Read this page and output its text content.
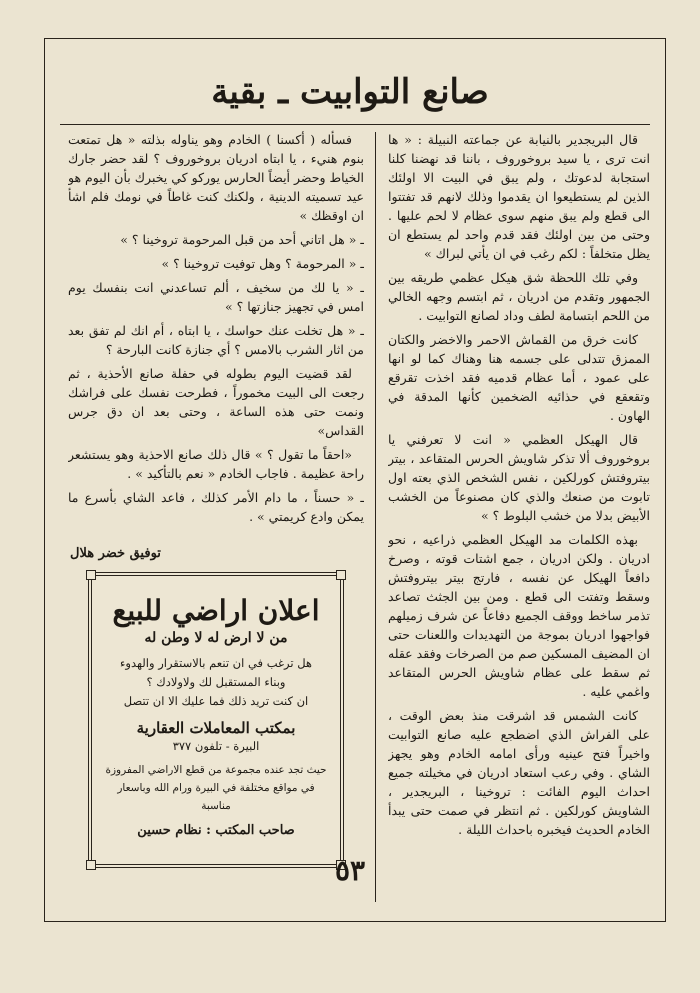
صانع التوابيت ـ بقية

قال البريجدير بالنيابة عن جماعته النبيلة : « ها انت ترى ، يا سيد بروخوروف ، باننا قد نهضنا كلنا استجابة لدعوتك ، ولم يبق في البيت الا اولئك الذين لم يستطيعوا ان يقدموا وذلك لانهم قد تفتتوا الى قطع ولم يبق منهم سوى عظام لا لحم عليها . وحتى من بين اولئك فقد قدم واحد لم يستطع ان يظل متخلفاً : لكم رغب في ان يأتي لبراك »

وفي تلك اللحظة شق هيكل عظمي طريقه بين الجمهور وتقدم من ادريان ، ثم ابتسم وجهه الخالي من اللحم ابتسامة لطف وداد لصانع التوابيت .

كانت خرق من القماش الاحمر والاخضر والكتان الممزق تتدلى على جسمه هنا وهناك كما لو انها على عمود ، أما عظام قدميه فقد اخذت تقرقع وتقعقع في حذائيه الضخمين كأنها المدقة في الهاون .

قال الهيكل العظمي « انت لا تعرفني يا بروخوروف ألا تذكر شاويش الحرس المتقاعد ، بيتر بيتروفتش كورلكين ، نفس الشخص الذي بعته اول تابوت من صنعك والذي كان مصنوعاً من الخشب الأبيض بدلا من خشب البلوط ؟ »

بهذه الكلمات مد الهيكل العظمي ذراعيه ، نحو ادريان . ولكن ادريان ، جمع اشتات قوته ، وصرخ دافعاً الهيكل عن نفسه ، فارتج بيتر بيتروفتش وسقط وتفتت الى قطع . ومن بين الجثث تصاعد تذمر ساخط ووقف الجميع دفاعاً عن شرف زميلهم فواجهوا ادريان بموجة من التهديدات واللعنات حتى ان المضيف المسكين صم من الصرخات وفقد عقله ثم سقط على عظام شاويش الحرس المتقاعد واغمي عليه .

كانت الشمس قد اشرقت منذ بعض الوقت ، على الفراش الذي اضطجع عليه صانع التوابيت واخيراً فتح عينيه ورأى امامه الخادم وهو يجهز الشاي . وفي رعب استعاد ادريان في مخيلته جميع احداث اليوم الفائت : تروخينا ، البريجدير ، الشاويش كورلكين . ثم انتظر في صمت حتى يبدأ الخادم الحديث فيخبره باحداث الليلة .

فسأله ( أكسنا ) الخادم وهو يناوله بذلته « هل تمتعت بنوم هنيء ، يا ابتاه ادريان بروخوروف ؟ لقد حضر جارك الخياط وحضر أيضاً الحارس يوركو كي يخبرك بأن اليوم هو عيد تسميته الدينية ، ولكنك كنت غاطاً في نومك فلم اشأ ان اوقظك »

ـ « هل اتاني أحد من قبل المرحومة تروخينا ؟ »

ـ « المرحومة ؟ وهل توفيت تروخينا ؟ »

ـ « يا لك من سخيف ، ألم تساعدني انت بنفسك يوم امس في تجهيز جنازتها ؟ »

ـ « هل تخلت عنك حواسك ، يا ابتاه ، أم انك لم تفق بعد من اثار الشرب بالامس ؟ أي جنازة كانت البارحة ؟

لقد قضيت اليوم بطوله في حفلة صانع الأحذية ، ثم رجعت الى البيت مخموراً ، فطرحت نفسك على فراشك ونمت حتى هذه الساعة ، وحتى بعد ان دق جرس القداس»

«احقاً ما تقول ؟ » قال ذلك صانع الاحذية وهو يستشعر راحة عظيمة . فاجاب الخادم « نعم بالتأكيد » .

ـ « حسناً ، ما دام الأمر كذلك ، فاعد الشاي بأسرع ما يمكن وادع كريمتي » .

توفيق خضر هلال
اعلان اراضي للبيع
من لا ارض له لا وطن له

هل ترغب في ان تنعم بالاستقرار والهدوء

وبناء المستقبل لك ولاولادك ؟

ان كنت تريد ذلك فما عليك الا ان تتصل

بمكتب المعاملات العقارية
البيرة - تلفون ٣٧٧

حيث تجد عنده مجموعة من قطع الاراضي المفروزة

في مواقع مختلفة في البيرة ورام الله وباسعار مناسبة

صاحب المكتب : نظام حسين
٥٣
